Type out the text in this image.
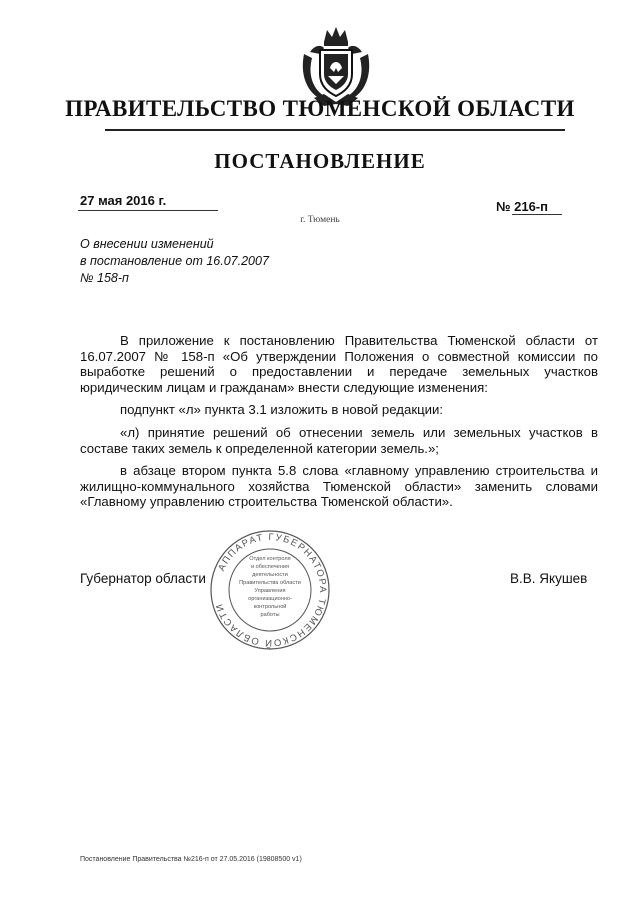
ПРАВИТЕЛЬСТВО ТЮМЕНСКОЙ ОБЛАСТИ
ПОСТАНОВЛЕНИЕ
27 мая 2016 г.	№ 216-п
г. Тюмень
О внесении изменений
в постановление от 16.07.2007
№ 158-п

В приложение к постановлению Правительства Тюменской области от 16.07.2007 № 158-п «Об утверждении Положения о совместной комиссии по выработке решений о предоставлении и передаче земельных участков юридическим лицам и гражданам» внести следующие изменения:

подпункт «л» пункта 3.1 изложить в новой редакции:

«л) принятие решений об отнесении земель или земельных участков в составе таких земель к определенной категории земель.»;

в абзаце втором пункта 5.8 слова «главному управлению строительства и жилищно-коммунального хозяйства Тюменской области» заменить словами «Главному управлению строительства Тюменской области».

АППАРАТ ГУБЕРНАТОРА ТЮМЕНСКОЙ ОБЛАСТИ
Отдел контроля
и обеспечения
деятельности
Правительства области
Управления
организационно-
контрольной
работы
Губернатор области	В.В. Якушев
Постановление Правительства №216-п от 27.05.2016 (19808500 v1)
